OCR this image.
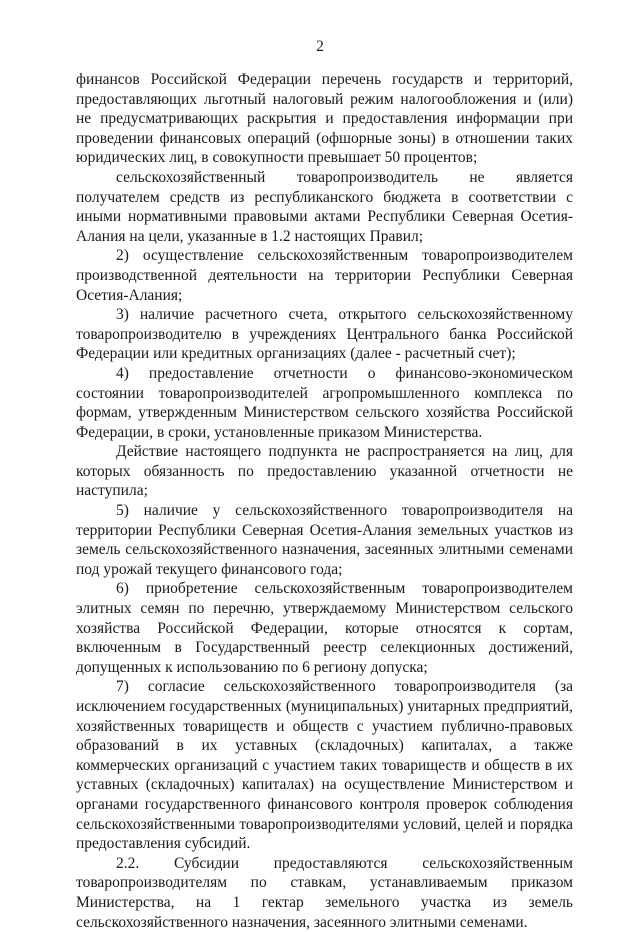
2

финансов Российской Федерации перечень государств и территорий, предоставляющих льготный налоговый режим налогообложения и (или) не предусматривающих раскрытия и предоставления информации при проведении финансовых операций (офшорные зоны) в отношении таких юридических лиц, в совокупности превышает 50 процентов;

сельскохозяйственный товаропроизводитель не является получателем средств из республиканского бюджета в соответствии с иными нормативными правовыми актами Республики Северная Осетия-Алания на цели, указанные в 1.2 настоящих Правил;

2) осуществление сельскохозяйственным товаропроизводителем производственной деятельности на территории Республики Северная Осетия-Алания;

3) наличие расчетного счета, открытого сельскохозяйственному товаропроизводителю в учреждениях Центрального банка Российской Федерации или кредитных организациях (далее - расчетный счет);

4) предоставление отчетности о финансово-экономическом состоянии товаропроизводителей агропромышленного комплекса по формам, утвержденным Министерством сельского хозяйства Российской Федерации, в сроки, установленные приказом Министерства.

Действие настоящего подпункта не распространяется на лиц, для которых обязанность по предоставлению указанной отчетности не наступила;

5) наличие у сельскохозяйственного товаропроизводителя на территории Республики Северная Осетия-Алания земельных участков из земель сельскохозяйственного назначения, засеянных элитными семенами под урожай текущего финансового года;

6) приобретение сельскохозяйственным товаропроизводителем элитных семян по перечню, утверждаемому Министерством сельского хозяйства Российской Федерации, которые относятся к сортам, включенным в Государственный реестр селекционных достижений, допущенных к использованию по 6 региону допуска;

7) согласие сельскохозяйственного товаропроизводителя (за исключением государственных (муниципальных) унитарных предприятий, хозяйственных товариществ и обществ с участием публично-правовых образований в их уставных (складочных) капиталах, а также коммерческих организаций с участием таких товариществ и обществ в их уставных (складочных) капиталах) на осуществление Министерством и органами государственного финансового контроля проверок соблюдения сельскохозяйственными товаропроизводителями условий, целей и порядка предоставления субсидий.

2.2. Субсидии предоставляются сельскохозяйственным товаропроизводителям по ставкам, устанавливаемым приказом Министерства, на 1 гектар земельного участка из земель сельскохозяйственного назначения, засеянного элитными семенами.
